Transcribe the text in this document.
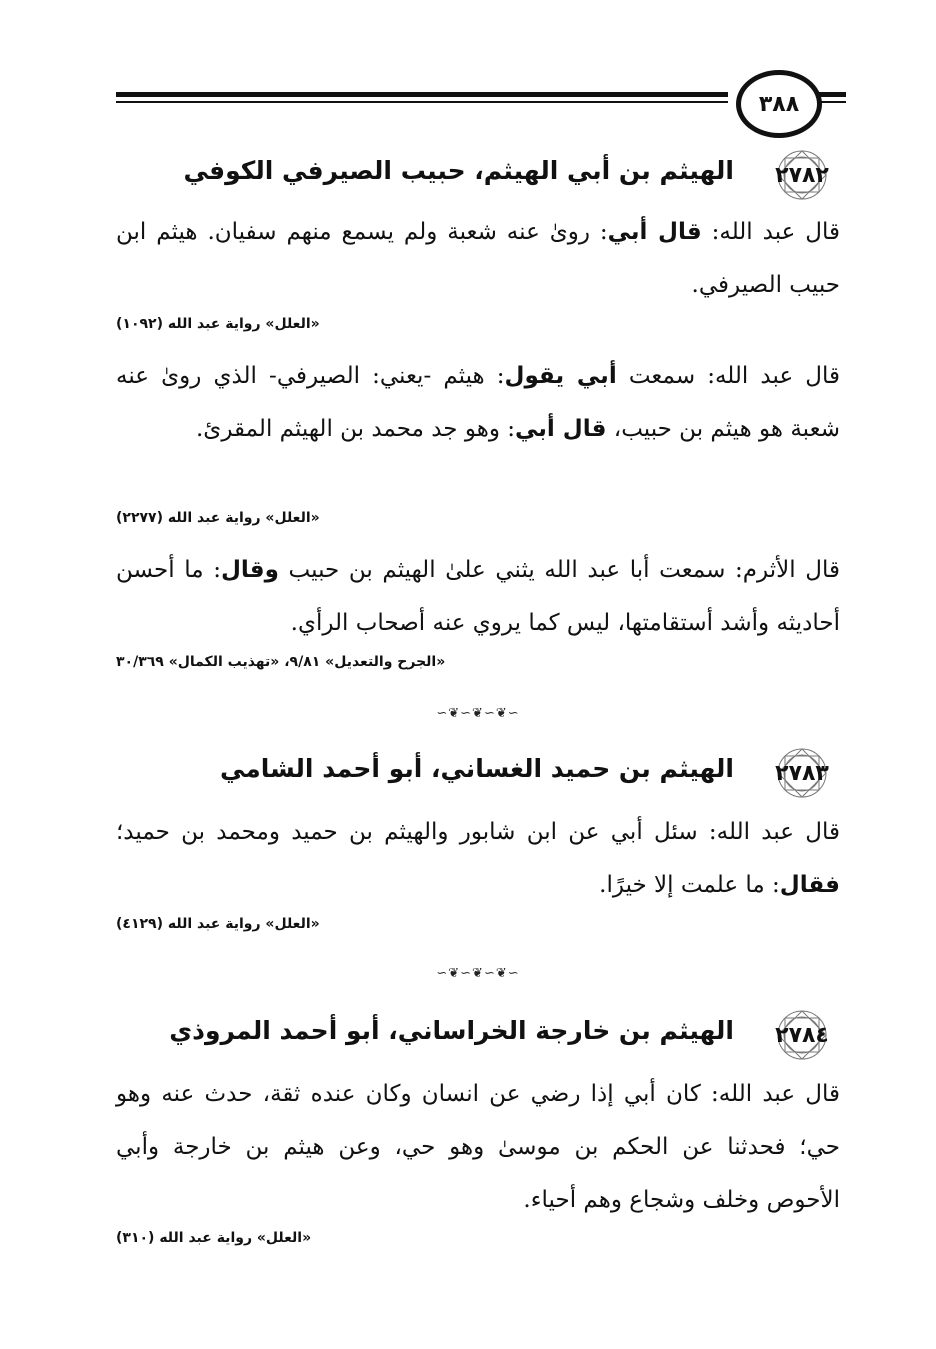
٣٨٨
٢٧٨٢
الهيثم بن أبي الهيثم، حبيب الصيرفي الكوفي
قال عبد الله: قال أبي: رویٰ عنه شعبة ولم يسمع منهم سفيان. هيثم ابن حبيب الصيرفي.
«العلل» رواية عبد الله (١٠٩٢)
قال عبد الله: سمعت أبي يقول: هيثم -يعني: الصيرفي- الذي رویٰ عنه شعبة هو هيثم بن حبيب، قال أبي: وهو جد محمد بن الهيثم المقرئ.
«العلل» رواية عبد الله (٢٢٧٧)
قال الأثرم: سمعت أبا عبد الله يثني علىٰ الهيثم بن حبيب وقال: ما أحسن أحاديثه وأشد أستقامتها، ليس كما يروي عنه أصحاب الرأي.
«الجرح والتعديل» ٩/٨١، «تهذيب الكمال» ٣٠/٣٦٩
∽❦∽❦∽❦∽
٢٧٨٣
الهيثم بن حميد الغساني، أبو أحمد الشامي
قال عبد الله: سئل أبي عن ابن شابور والهيثم بن حميد ومحمد بن حميد؛ فقال: ما علمت إلا خيرًا.
«العلل» رواية عبد الله (٤١٢٩)
∽❦∽❦∽❦∽
٢٧٨٤
الهيثم بن خارجة الخراساني، أبو أحمد المروذي
قال عبد الله: كان أبي إذا رضي عن انسان وكان عنده ثقة، حدث عنه وهو حي؛ فحدثنا عن الحكم بن موسىٰ وهو حي، وعن هيثم بن خارجة وأبي الأحوص وخلف وشجاع وهم أحياء.
«العلل» رواية عبد الله (٣١٠)
